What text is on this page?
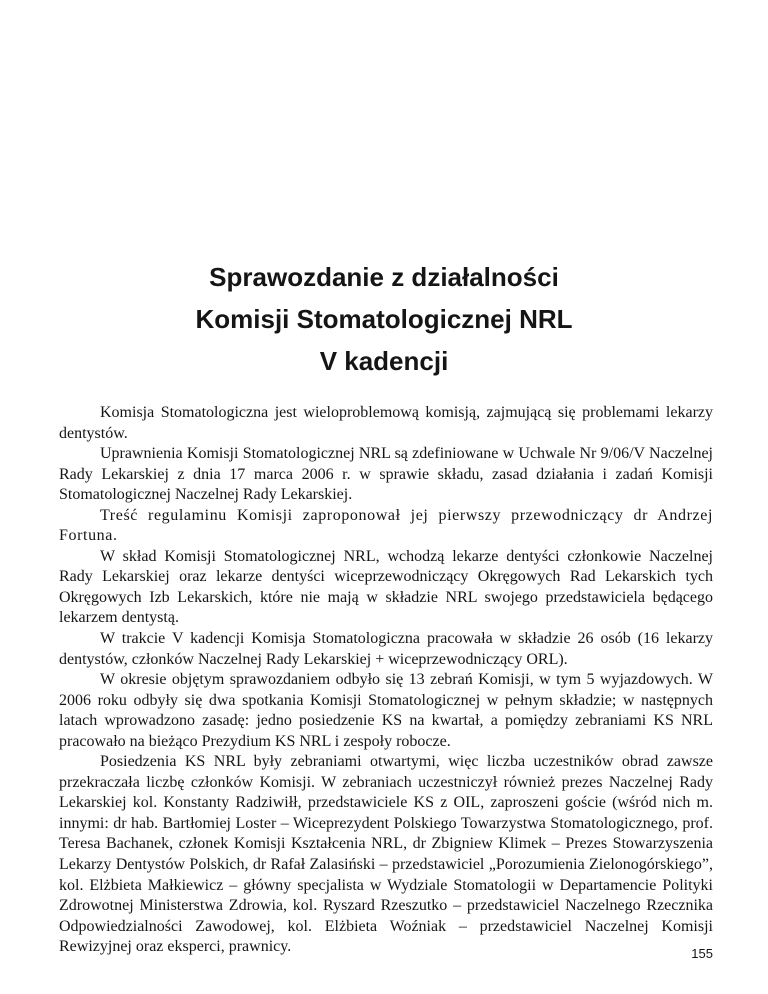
Sprawozdanie z działalności
Komisji Stomatologicznej NRL
V kadencji

Komisja Stomatologiczna jest wieloproblemową komisją, zajmującą się problemami lekarzy dentystów.

Uprawnienia Komisji Stomatologicznej NRL są zdefiniowane w Uchwale Nr 9/06/V Naczelnej Rady Lekarskiej z dnia 17 marca 2006 r. w sprawie składu, zasad działania i zadań Komisji Stomatologicznej Naczelnej Rady Lekarskiej.

Treść regulaminu Komisji zaproponował jej pierwszy przewodniczący dr Andrzej Fortuna.

W skład Komisji Stomatologicznej NRL, wchodzą lekarze dentyści członkowie Naczelnej Rady Lekarskiej oraz lekarze dentyści wiceprzewodniczący Okręgowych Rad Lekarskich tych Okręgowych Izb Lekarskich, które nie mają w składzie NRL swojego przedstawiciela będącego lekarzem dentystą.

W trakcie V kadencji Komisja Stomatologiczna pracowała w składzie 26 osób (16 lekarzy dentystów, członków Naczelnej Rady Lekarskiej + wiceprzewodniczący ORL).

W okresie objętym sprawozdaniem odbyło się 13 zebrań Komisji, w tym 5 wyjazdowych. W 2006 roku odbyły się dwa spotkania Komisji Stomatologicznej w pełnym składzie; w następnych latach wprowadzono zasadę: jedno posiedzenie KS na kwartał, a pomiędzy zebraniami KS NRL pracowało na bieżąco Prezydium KS NRL i zespoły robocze.

Posiedzenia KS NRL były zebraniami otwartymi, więc liczba uczestników obrad zawsze przekraczała liczbę członków Komisji. W zebraniach uczestniczył również prezes Naczelnej Rady Lekarskiej kol. Konstanty Radziwiłł, przedstawiciele KS z OIL, zaproszeni goście (wśród nich m. innymi: dr hab. Bartłomiej Loster – Wiceprezydent Polskiego Towarzystwa Stomatologicznego, prof. Teresa Bachanek, członek Komisji Kształcenia NRL, dr Zbigniew Klimek – Prezes Stowarzyszenia Lekarzy Dentystów Polskich, dr Rafał Zalasiński – przedstawiciel „Porozumienia Zielonogórskiego”, kol. Elżbieta Małkiewicz – główny specjalista w Wydziale Stomatologii w Departamencie Polityki Zdrowotnej Ministerstwa Zdrowia, kol. Ryszard Rzeszutko – przedstawiciel Naczelnego Rzecznika Odpowiedzialności Zawodowej, kol. Elżbieta Woźniak – przedstawiciel Naczelnej Komisji Rewizyjnej oraz eksperci, prawnicy.	155
